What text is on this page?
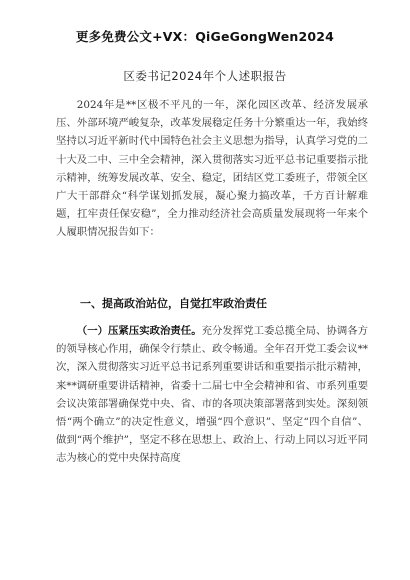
更多免费公文+VX：QiGeGongWen2024
区委书记2024年个人述职报告
2024年是**区极不平凡的一年，深化园区改革、经济发展承压、外部环境严峻复杂，改革发展稳定任务十分繁重达一年，我始终坚持以习近平新时代中国特色社会主义思想为指导，认真学习党的二十大及二中、三中全会精神，深入贯彻落实习近平总书记重要指示批示精神，统筹发展改革、安全、稳定，团结区党工委班子，带领全区广大干部群众“科学谋划抓发展，凝心聚力搞改革，千方百计解难题，扛牢责任保安稳”，全力推动经济社会高质量发展现将一年来个人履职情况报告如下：
一、提高政治站位，自觉扛牢政治责任
（一）压紧压实政治责任。充分发挥党工委总揽全局、协调各方的领导核心作用，确保令行禁止、政令畅通。全年召开党工委会议**次，深入贯彻落实习近平总书记系列重要讲话和重要指示批示精神，来**调研重要讲话精神，省委十二届七中全会精神和省、市系列重要会议决策部署确保党中央、省、市的各项决策部署落到实处。深刻领悟“两个确立”的决定性意义，增强“四个意识”、坚定“四个自信”、做到“两个维护”，坚定不移在思想上、政治上、行动上同以习近平同志为核心的党中央保持高度
